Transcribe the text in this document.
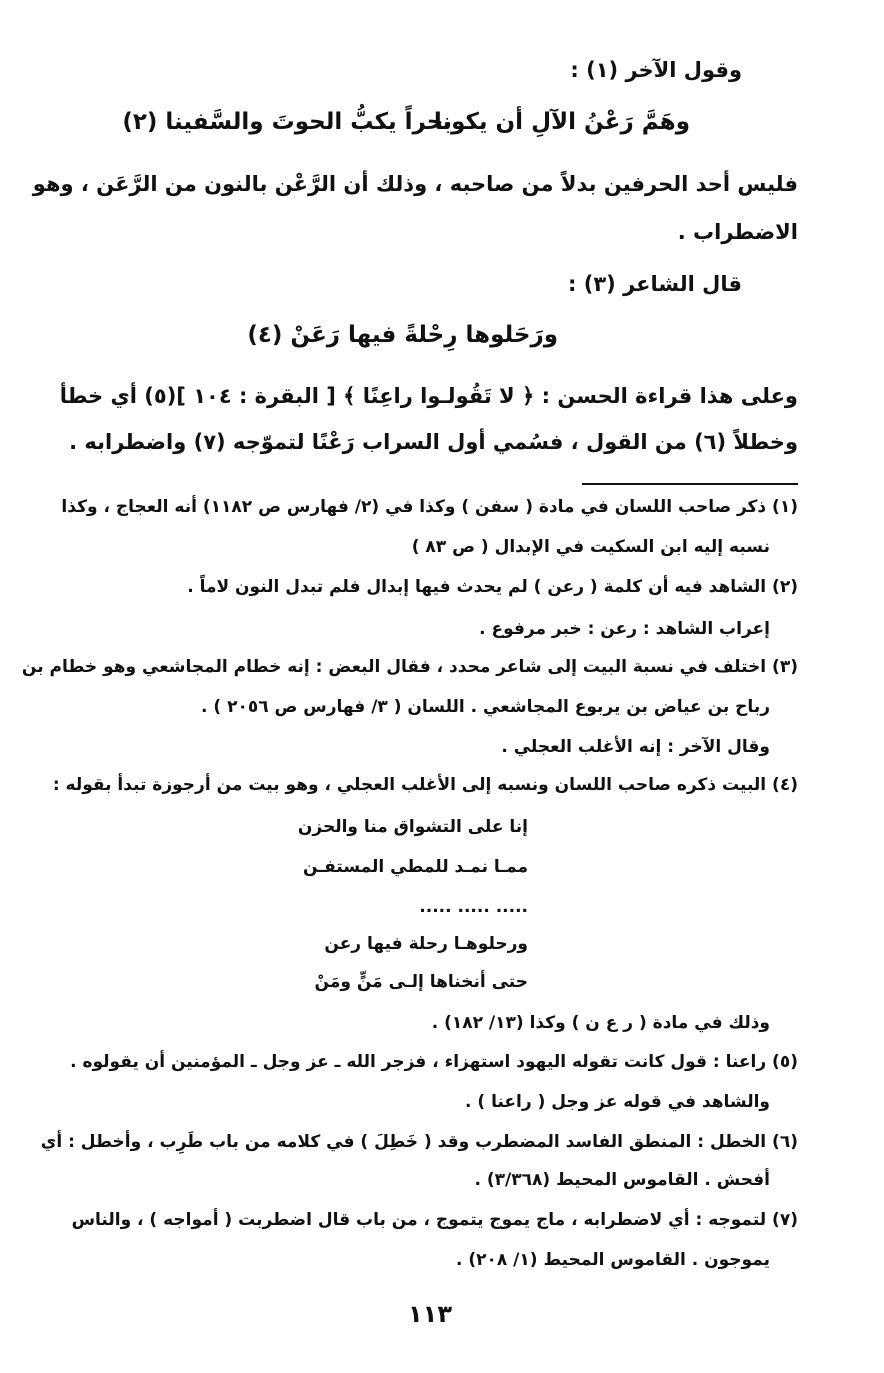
وقول الآخر (١) :
وهَمَّ رَعْنُ الآلِ أن يكونا
بحراً يكبُّ الحوتَ والسَّفينا (٢)
فليس أحد الحرفين بدلاً من صاحبه ، وذلك أن الرَّعْن بالنون من الرَّعَن ، وهو
الاضطراب .
قال الشاعر (٣) :
ورَحَلوها رِحْلةً فيها رَعَنْ (٤)
وعلى هذا قراءة الحسن : ﴿ لا تَقُولـوا راعِنًا ﴾ [ البقرة : ١٠٤ ](٥) أي خطأ
وخطلاً (٦) من القول ، فسُمي أول السراب رَعْنًا لتموّجه (٧) واضطرابه .
(١) ذكر صاحب اللسان في مادة ( سفن ) وكذا في (٢/ فهارس ص ١١٨٢) أنه العجاج ، وكذا
نسبه إليه ابن السكيت في الإبدال ( ص ٨٣ )
(٢) الشاهد فيه أن كلمة ( رعن ) لم يحدث فيها إبدال فلم تبدل النون لاماً .
إعراب الشاهد : رعن : خبر مرفوع .
(٣) اختلف في نسبة البيت إلى شاعر محدد ، فقال البعض : إنه خطام المجاشعي وهو خطام بن
رباح بن عياض بن يربوع المجاشعي . اللسان ( ٣/ فهارس ص ٢٠٥٦ ) .
وقال الآخر : إنه الأغلب العجلي .
(٤) البيت ذكره صاحب اللسان ونسبه إلى الأغلب العجلي ، وهو بيت من أرجوزة تبدأ بقوله :
إنا على التشواق منا والحزن
ممـا نمـد للمطي المستفـن
..... ..... .....
ورحلوهـا رحلة فيها رعن
حتى أنخناها إلـى مَنٍّ ومَنْ
وذلك في مادة ( ر ع ن ) وكذا (١٣/ ١٨٢) .
(٥) راعنا : قول كانت تقوله اليهود استهزاء ، فزجر الله ـ عز وجل ـ المؤمنين أن يقولوه .
والشاهد في قوله عز وجل ( راعنا ) .
(٦) الخطل : المنطق الفاسد المضطرب وقد ( خَطِلَ ) في كلامه من باب طَرِب ، وأخطل : أي
أفحش . القاموس المحيط (٣/٣٦٨) .
(٧) لتموجه : أي لاضطرابه ، ماج يموج يتموج ، من باب قال اضطربت ( أمواجه ) ، والناس
يموجون . القاموس المحيط (١/ ٢٠٨) .
١١٣
